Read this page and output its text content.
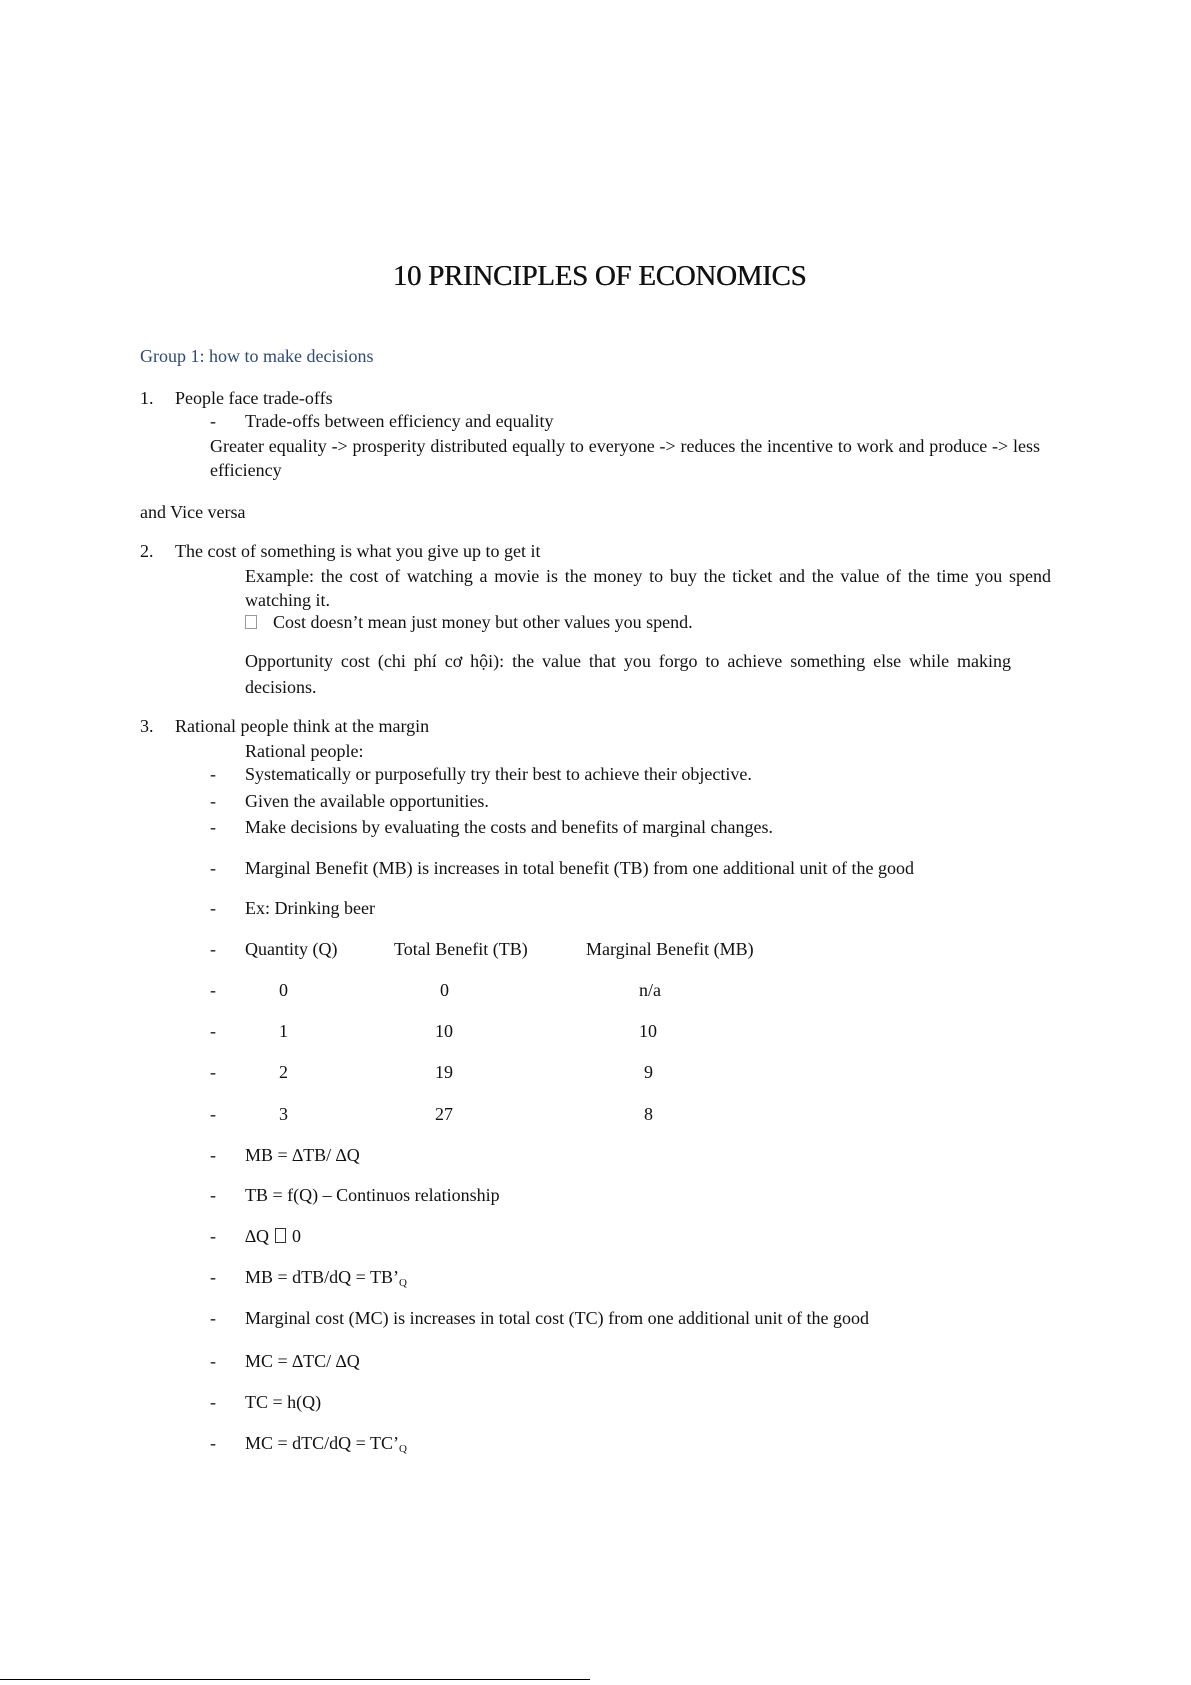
10 PRINCIPLES OF ECONOMICS
Group 1: how to make decisions
1. People face trade-offs
- Trade-offs between efficiency and equality
Greater equality -> prosperity distributed equally to everyone -> reduces the incentive to work and produce -> less efficiency
and Vice versa
2. The cost of something is what you give up to get it
Example: the cost of watching a movie is the money to buy the ticket and the value of the time you spend watching it.
Cost doesn’t mean just money but other values you spend.
Opportunity cost (chi phí cơ hội): the value that you forgo to achieve something else while making decisions.
3. Rational people think at the margin
Rational people:
- Systematically or purposefully try their best to achieve their objective.
- Given the available opportunities.
- Make decisions by evaluating the costs and benefits of marginal changes.
- Marginal Benefit (MB) is increases in total benefit (TB) from one additional unit of the good
- Ex: Drinking beer
- Quantity (Q)	Total Benefit (TB)	Marginal Benefit (MB)
-	0	0	n/a
-	1	10	10
-	2	19	9
-	3	27	8
- MB = ∆TB/ ∆Q
- TB = f(Q) – Continuos relationship
- ∆Q 0
- MB = $dTB/dQ = TB’_Q$
- Marginal cost (MC) is increases in total cost (TC) from one additional unit of the good
- MC = ∆TC/ ∆Q
- TC = h(Q)
- MC = $dTC/dQ = TC’_Q$
